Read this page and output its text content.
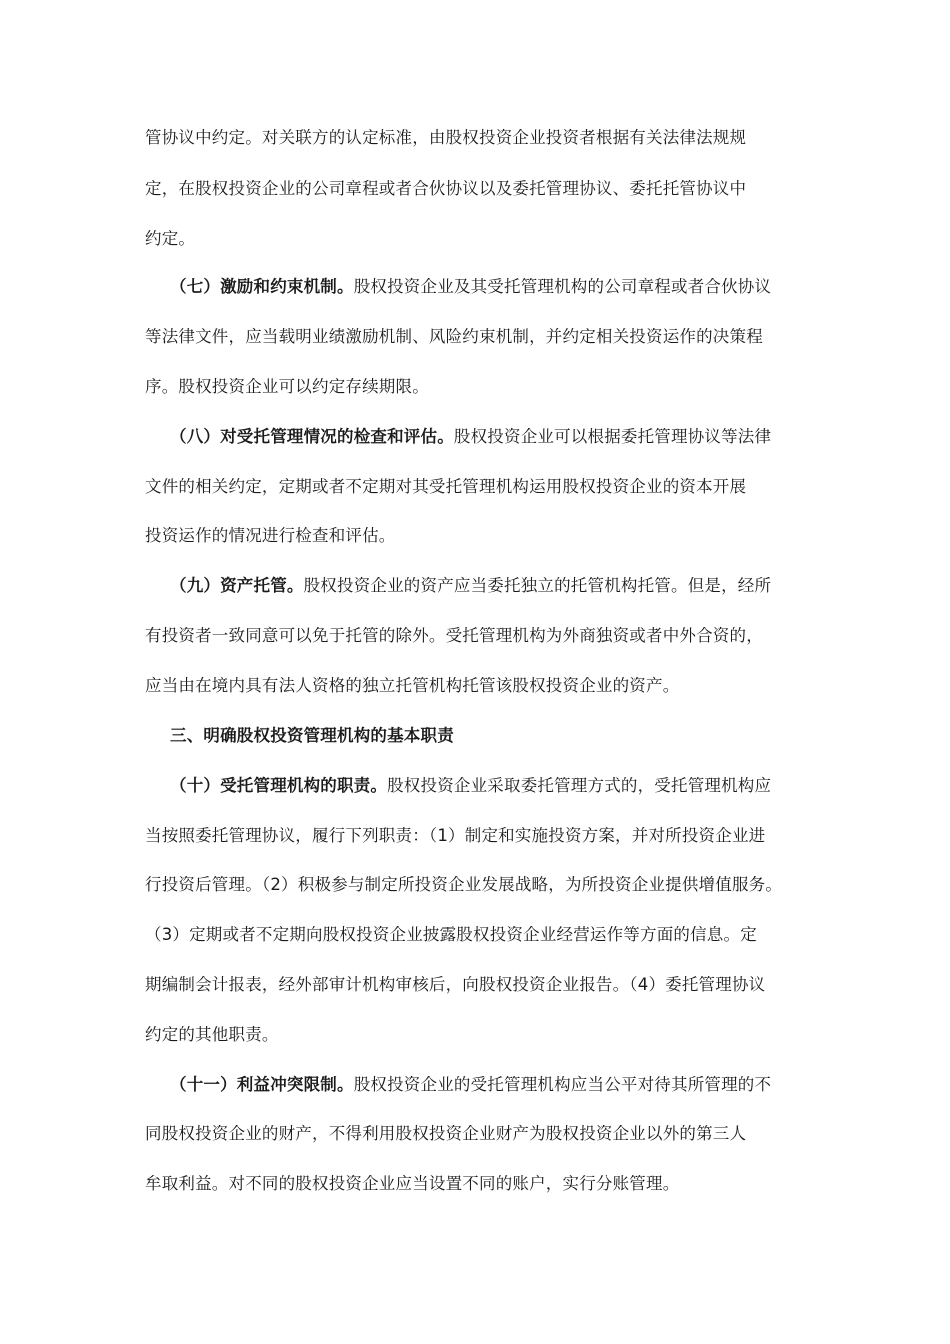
管协议中约定。对关联方的认定标准，由股权投资企业投资者根据有关法律法规规
定，在股权投资企业的公司章程或者合伙协议以及委托管理协议、委托托管协议中
约定。
（七）激励和约束机制。股权投资企业及其受托管理机构的公司章程或者合伙协议
等法律文件，应当载明业绩激励机制、风险约束机制，并约定相关投资运作的决策程
序。股权投资企业可以约定存续期限。
（八）对受托管理情况的检查和评估。股权投资企业可以根据委托管理协议等法律
文件的相关约定，定期或者不定期对其受托管理机构运用股权投资企业的资本开展
投资运作的情况进行检查和评估。
（九）资产托管。股权投资企业的资产应当委托独立的托管机构托管。但是，经所
有投资者一致同意可以免于托管的除外。受托管理机构为外商独资或者中外合资的，
应当由在境内具有法人资格的独立托管机构托管该股权投资企业的资产。
三、明确股权投资管理机构的基本职责
（十）受托管理机构的职责。股权投资企业采取委托管理方式的，受托管理机构应
当按照委托管理协议，履行下列职责：（1）制定和实施投资方案，并对所投资企业进
行投资后管理。（2）积极参与制定所投资企业发展战略，为所投资企业提供增值服务。
（3）定期或者不定期向股权投资企业披露股权投资企业经营运作等方面的信息。定
期编制会计报表，经外部审计机构审核后，向股权投资企业报告。（4）委托管理协议
约定的其他职责。
（十一）利益冲突限制。股权投资企业的受托管理机构应当公平对待其所管理的不
同股权投资企业的财产，不得利用股权投资企业财产为股权投资企业以外的第三人
牟取利益。对不同的股权投资企业应当设置不同的账户，实行分账管理。
